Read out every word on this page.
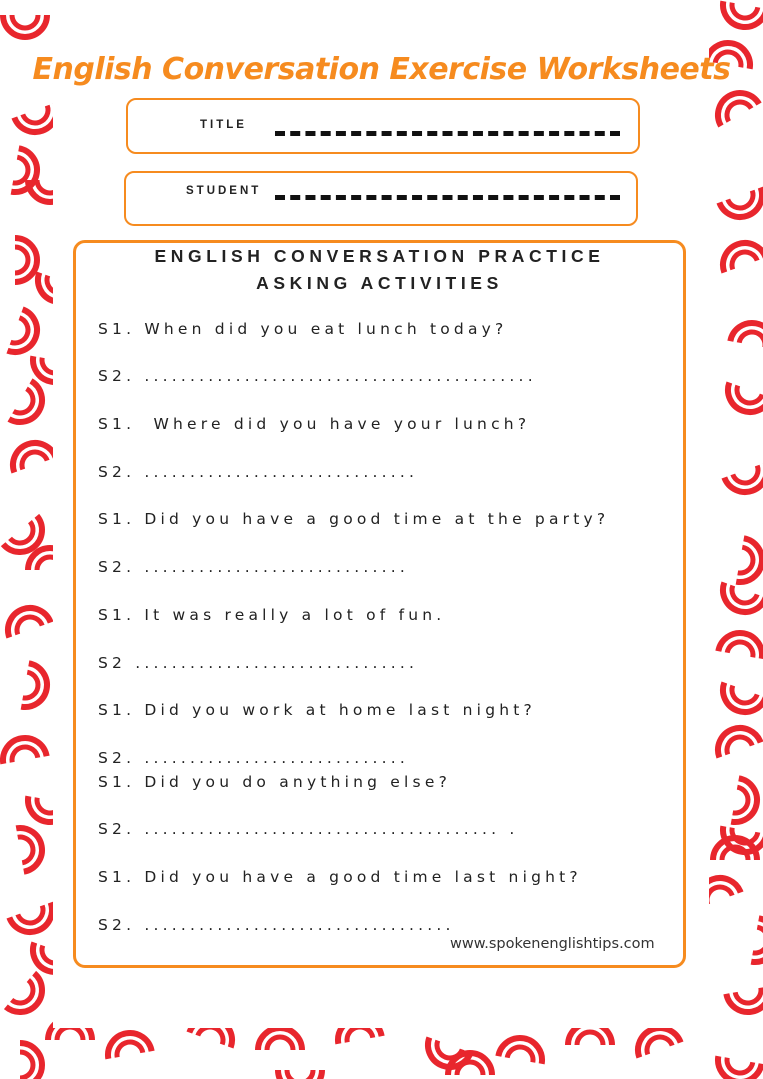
English Conversation Exercise Worksheets
TITLE
STUDENT
ENGLISH CONVERSATION PRACTICE
ASKING ACTIVITIES
S1. When did you eat lunch today?
S2. ...........................................
S1.  Where did you have your lunch?
S2. ..............................
S1. Did you have a good time at the party?
S2. .............................
S1. It was really a lot of fun.
S2 ...............................
S1. Did you work at home last night?
S2. .............................
S1. Did you do anything else?
S2. ....................................... .
S1. Did you have a good time last night?
S2. ..................................
www.spokenenglishtips.com
